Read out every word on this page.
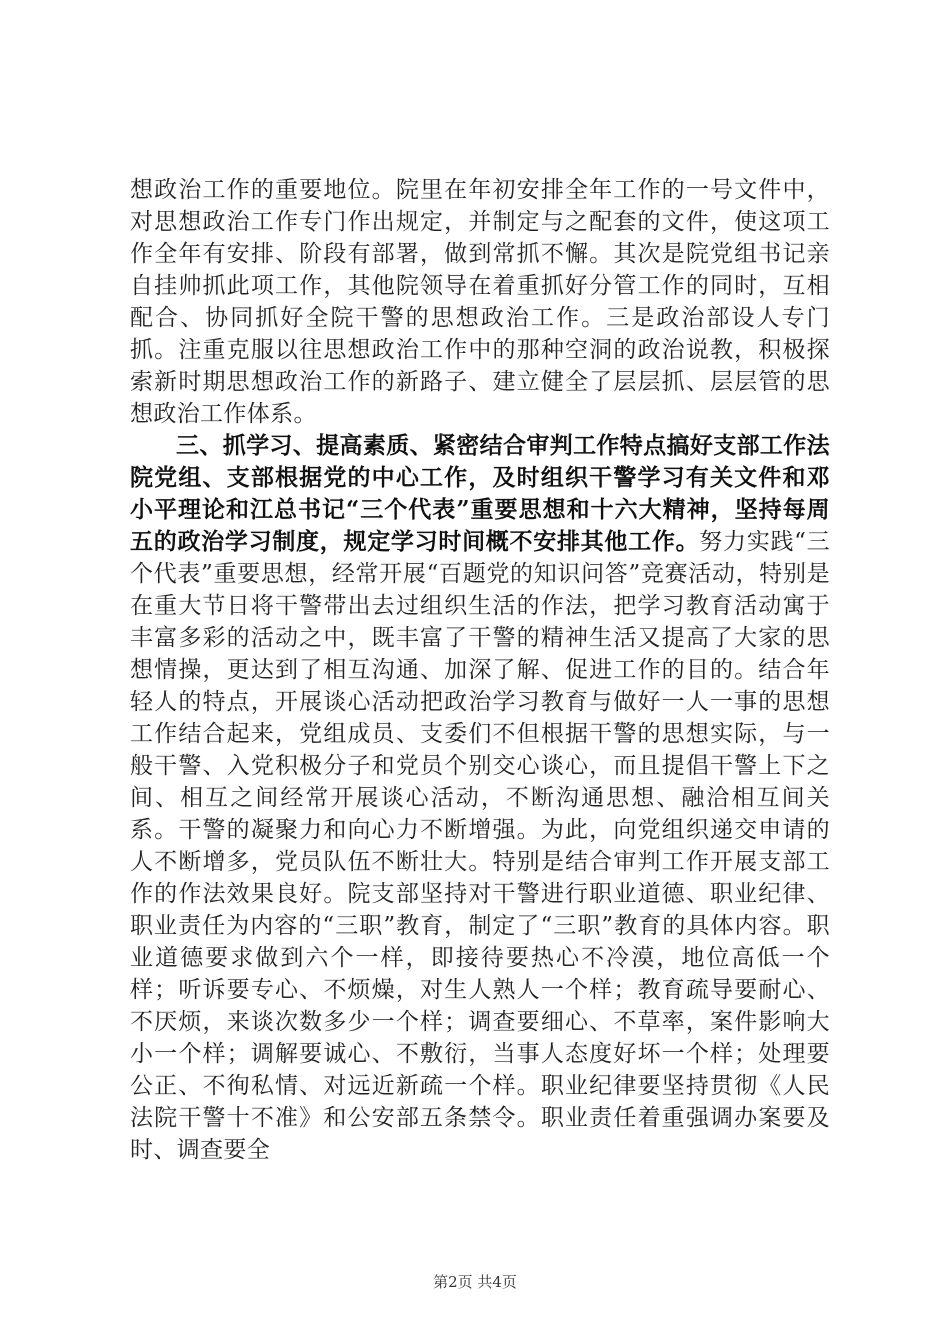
想政治工作的重要地位。院里在年初安排全年工作的一号文件中，对思想政治工作专门作出规定，并制定与之配套的文件，使这项工作全年有安排、阶段有部署，做到常抓不懈。其次是院党组书记亲自挂帅抓此项工作，其他院领导在着重抓好分管工作的同时，互相配合、协同抓好全院干警的思想政治工作。三是政治部设人专门抓。注重克服以往思想政治工作中的那种空洞的政治说教，积极探索新时期思想政治工作的新路子、建立健全了层层抓、层层管的思想政治工作体系。

三、抓学习、提高素质、紧密结合审判工作特点搞好支部工作法院党组、支部根据党的中心工作，及时组织干警学习有关文件和邓小平理论和江总书记“三个代表”重要思想和十六大精神，坚持每周五的政治学习制度，规定学习时间概不安排其他工作。努力实践“三个代表”重要思想，经常开展“百题党的知识问答”竞赛活动，特别是在重大节日将干警带出去过组织生活的作法，把学习教育活动寓于丰富多彩的活动之中，既丰富了干警的精神生活又提高了大家的思想情操，更达到了相互沟通、加深了解、促进工作的目的。结合年轻人的特点，开展谈心活动把政治学习教育与做好一人一事的思想工作结合起来，党组成员、支委们不但根据干警的思想实际，与一般干警、入党积极分子和党员个别交心谈心，而且提倡干警上下之间、相互之间经常开展谈心活动，不断沟通思想、融洽相互间关系。干警的凝聚力和向心力不断增强。为此，向党组织递交申请的人不断增多，党员队伍不断壮大。特别是结合审判工作开展支部工作的作法效果良好。院支部坚持对干警进行职业道德、职业纪律、职业责任为内容的“三职”教育，制定了“三职”教育的具体内容。职业道德要求做到六个一样，即接待要热心不冷漠，地位高低一个样；听诉要专心、不烦燥，对生人熟人一个样；教育疏导要耐心、不厌烦，来谈次数多少一个样；调查要细心、不草率，案件影响大小一个样；调解要诚心、不敷衍，当事人态度好坏一个样；处理要公正、不徇私情、对远近新疏一个样。职业纪律要坚持贯彻《人民法院干警十不准》和公安部五条禁令。职业责任着重强调办案要及时、调查要全

第2页 共4页
